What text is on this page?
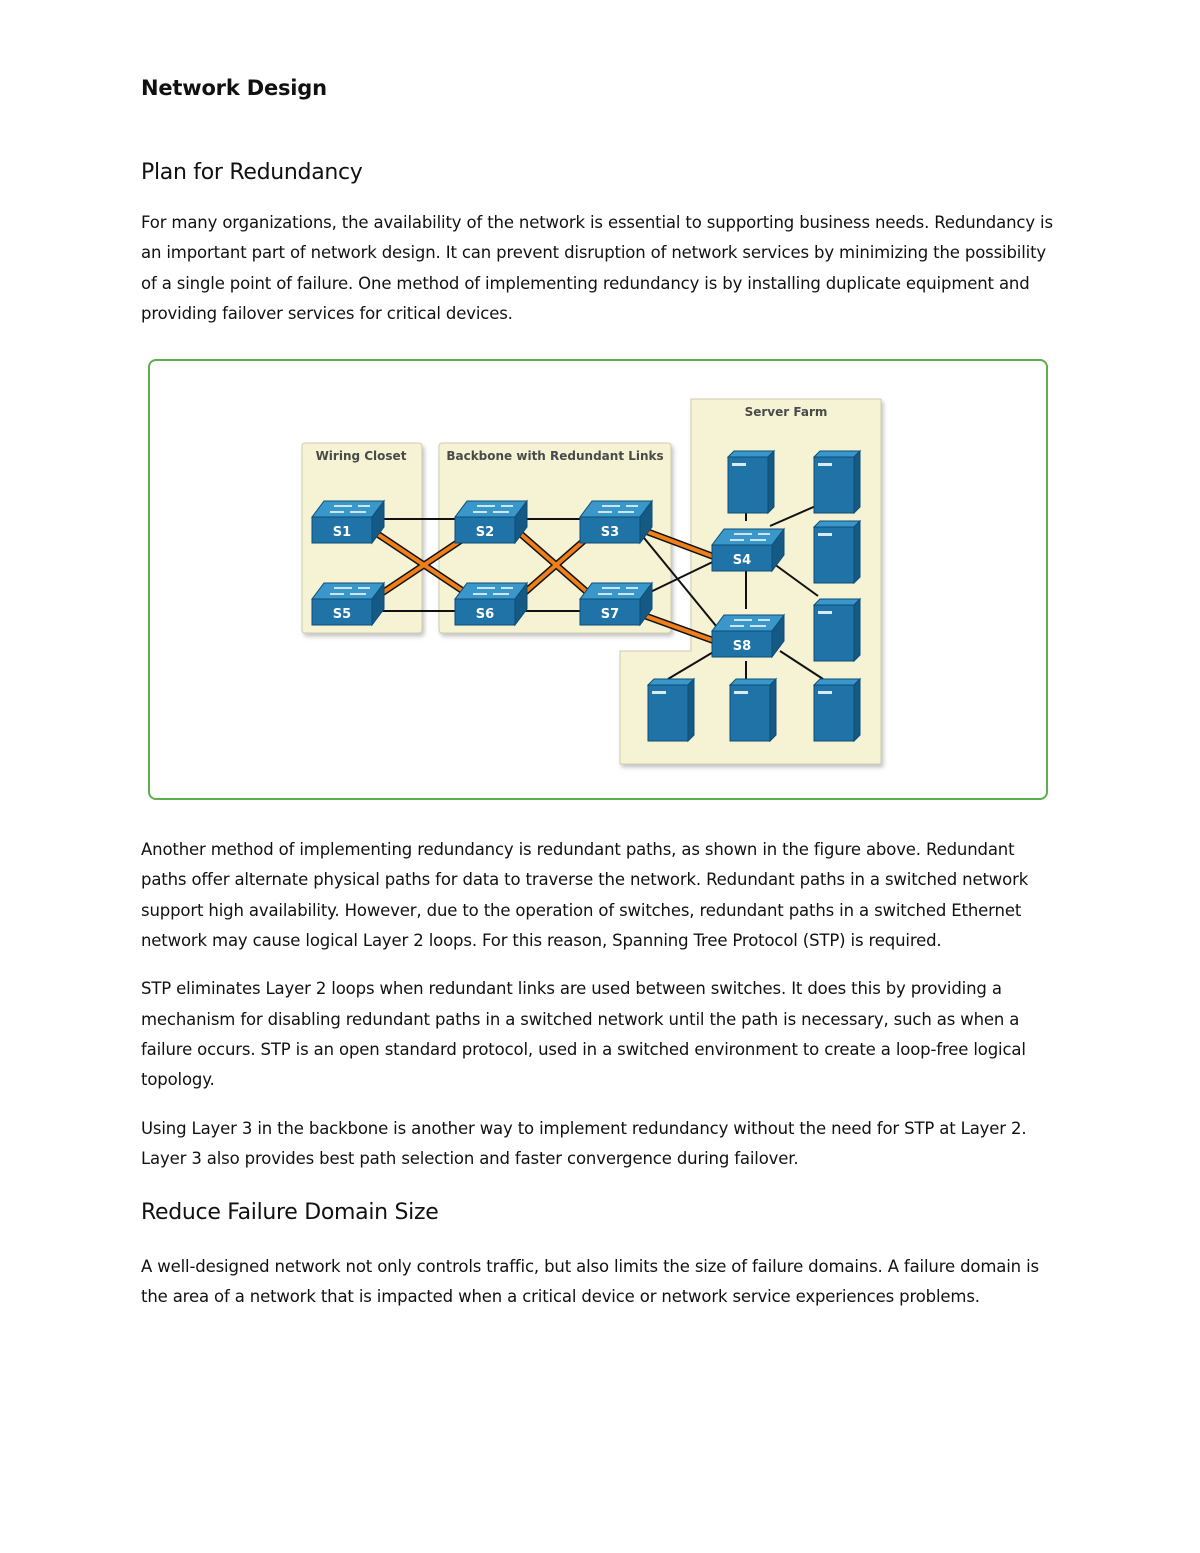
Network Design
Plan for Redundancy

For many organizations, the availability of the network is essential to supporting business needs. Redundancy is an important part of network design. It can prevent disruption of network services by minimizing the possibility of a single point of failure. One method of implementing redundancy is by installing duplicate equipment and providing failover services for critical devices.

Wiring Closet	Backbone with Redundant Links
Server Farm
S1	S2	S3
S5	S6	S7
S4
S8

Another method of implementing redundancy is redundant paths, as shown in the figure above. Redundant paths offer alternate physical paths for data to traverse the network. Redundant paths in a switched network support high availability. However, due to the operation of switches, redundant paths in a switched Ethernet network may cause logical Layer 2 loops. For this reason, Spanning Tree Protocol (STP) is required.

STP eliminates Layer 2 loops when redundant links are used between switches. It does this by providing a mechanism for disabling redundant paths in a switched network until the path is necessary, such as when a failure occurs. STP is an open standard protocol, used in a switched environment to create a loop-free logical topology.

Using Layer 3 in the backbone is another way to implement redundancy without the need for STP at Layer 2. Layer 3 also provides best path selection and faster convergence during failover.

Reduce Failure Domain Size

A well-designed network not only controls traffic, but also limits the size of failure domains. A failure domain is the area of a network that is impacted when a critical device or network service experiences problems.
